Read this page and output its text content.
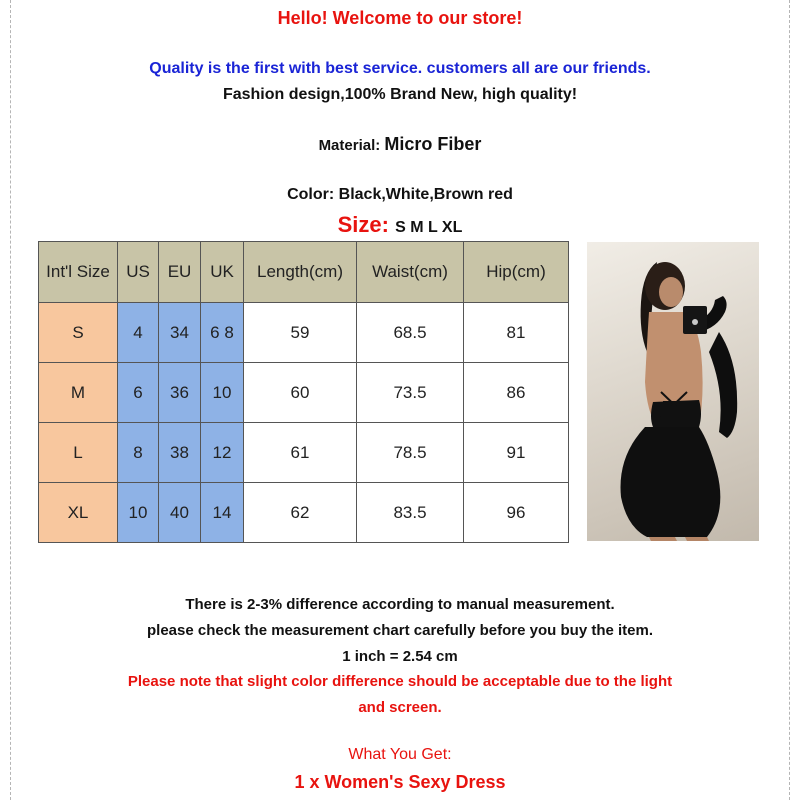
Hello! Welcome to our store!
Quality is the first with best service. customers all are our friends.
Fashion design,100% Brand New, high quality!
Material: Micro Fiber
Color: Black,White,Brown red
Size: S M L XL
Int'l Size	US	EU	UK	Length(cm)	Waist(cm)	Hip(cm)
S	4	34	6 8	59	68.5	81
M	6	36	10	60	73.5	86
L	8	38	12	61	78.5	91
XL	10	40	14	62	83.5	96
There is 2-3% difference according to manual measurement.
please check the measurement chart carefully before you buy the item.
1 inch = 2.54 cm
Please note that slight color difference should be acceptable due to the light
and screen.
What You Get:
1 x Women's Sexy Dress
